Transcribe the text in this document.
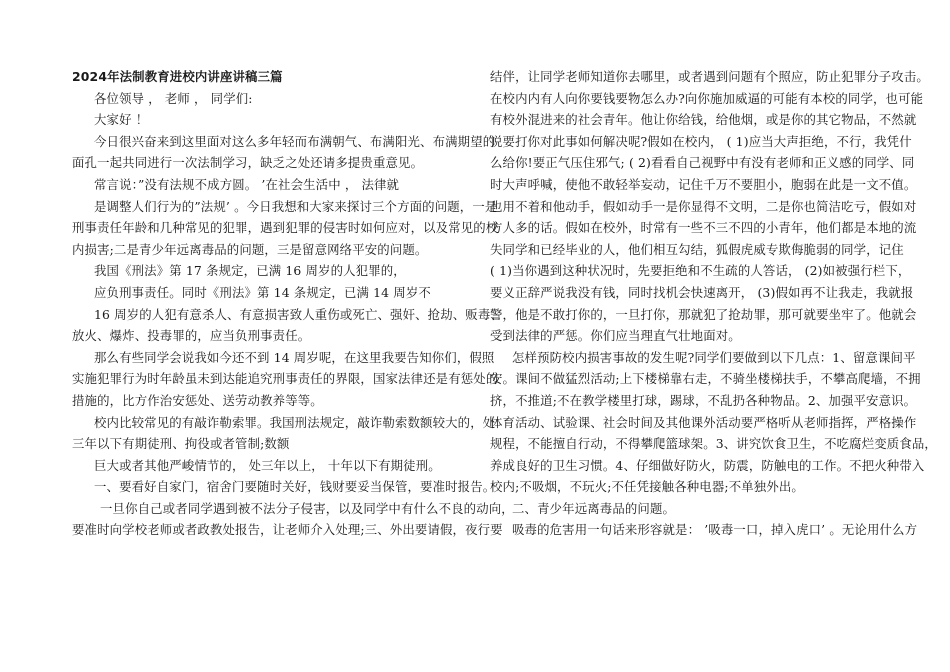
2024年法制教育进校内讲座讲稿三篇
各位领导 ， 老师 ， 同学们:
大家好 ！
今日很兴奋来到这里面对这么多年轻而布满朝气、布满阳光、布满期望的
面孔一起共同进行一次法制学习，缺乏之处还请多提贵重意见。
常言说：”没有法规不成方圆。 ’在社会生活中 ， 法律就
是调整人们行为的”法规’ 。今日我想和大家来探讨三个方面的问题，一是
刑事责任年龄和几种常见的犯罪，遇到犯罪的侵害时如何应对，以及常见的校
内损害;二是青少年远离毒品的问题，三是留意网络平安的问题。
我国《刑法》第 17 条规定，已满 16 周岁的人犯罪的，
应负刑事责任。同时《刑法》第 14 条规定，已满 14 周岁不
16 周岁的人犯有意杀人、有意损害致人重伤或死亡、强奸、抢劫、贩毒、
放火、爆炸、投毒罪的，应当负刑事责任。
那么有些同学会说我如今还不到 14 周岁呢，在这里我要告知你们，假照
实施犯罪行为时年龄虽未到达能追究刑事责任的界限，国家法律还是有惩处的
措施的，比方作治安惩处、送劳动教养等等。
校内比较常见的有敲诈勒索罪。我国刑法规定，敲诈勒索数额较大的，处
三年以下有期徒刑、拘役或者管制;数额
巨大或者其他严峻情节的， 处三年以上， 十年以下有期徒刑。
一、要看好自家门，宿舍门要随时关好，钱财要妥当保管，要准时报告。
一旦你自己或者同学遇到被不法分子侵害，以及同学中有什么不良的动向，
要准时向学校老师或者政教处报告，让老师介入处理;三、外出要请假，夜行要
结伴，让同学老师知道你去哪里，或者遇到问题有个照应，防止犯罪分子攻击。
在校内内有人向你要钱要物怎么办?向你施加威逼的可能有本校的同学，也可能
有校外混进来的社会青年。他让你给钱，给他烟，或是你的其它物品，不然就
说要打你对此事如何解决呢?假如在校内， ( 1)应当大声拒绝，不行，我凭什
么给你!要正气压住邪气; ( 2)看看自己视野中有没有老师和正义感的同学、同
时大声呼喊，使他不敢轻举妄动，记住千万不要胆小，胞弱在此是一文不值。
也用不着和他动手，假如动手一是你显得不文明，二是你也简洁吃亏，假如对
方人多的话。假如在校外，时常有一些不三不四的小青年，他们都是本地的流
失同学和已经毕业的人，他们相互勾结，狐假虎威专欺侮脆弱的同学，记住
( 1)当你遇到这种状况时，先要拒绝和不生疏的人答话， (2)如被强行栏下，
要义正辞严说我没有钱，同时找机会快速离开， (3)假如再不让我走，我就报
警，他是不敢打你的，一旦打你，那就犯了抢劫罪，那可就要坐牢了。他就会
受到法律的严惩。你们应当理直气壮地面对。
怎样预防校内损害事故的发生呢?同学们要做到以下几点：1、留意课间平
安。课间不做猛烈活动;上下楼梯靠右走，不骑坐楼梯扶手，不攀高爬墙，不拥
挤，不推道;不在教学楼里打球，踢球，不乱扔各种物品。2、加强平安意识。
体育活动、试验课、社会时间及其他课外活动要严格听从老师指挥，严格操作
规程，不能擅自行动，不得攀爬篮球架。3、讲究饮食卫生，不吃腐烂变质食品，
养成良好的卫生习惯。4、仔细做好防火，防震，防触电的工作。不把火种带入
校内;不吸烟，不玩火;不任凭接触各种电器;不单独外出。
二、青少年远离毒品的问题。
吸毒的危害用一句话来形容就是： ’吸毒一口，掉入虎口’ 。无论用什么方
